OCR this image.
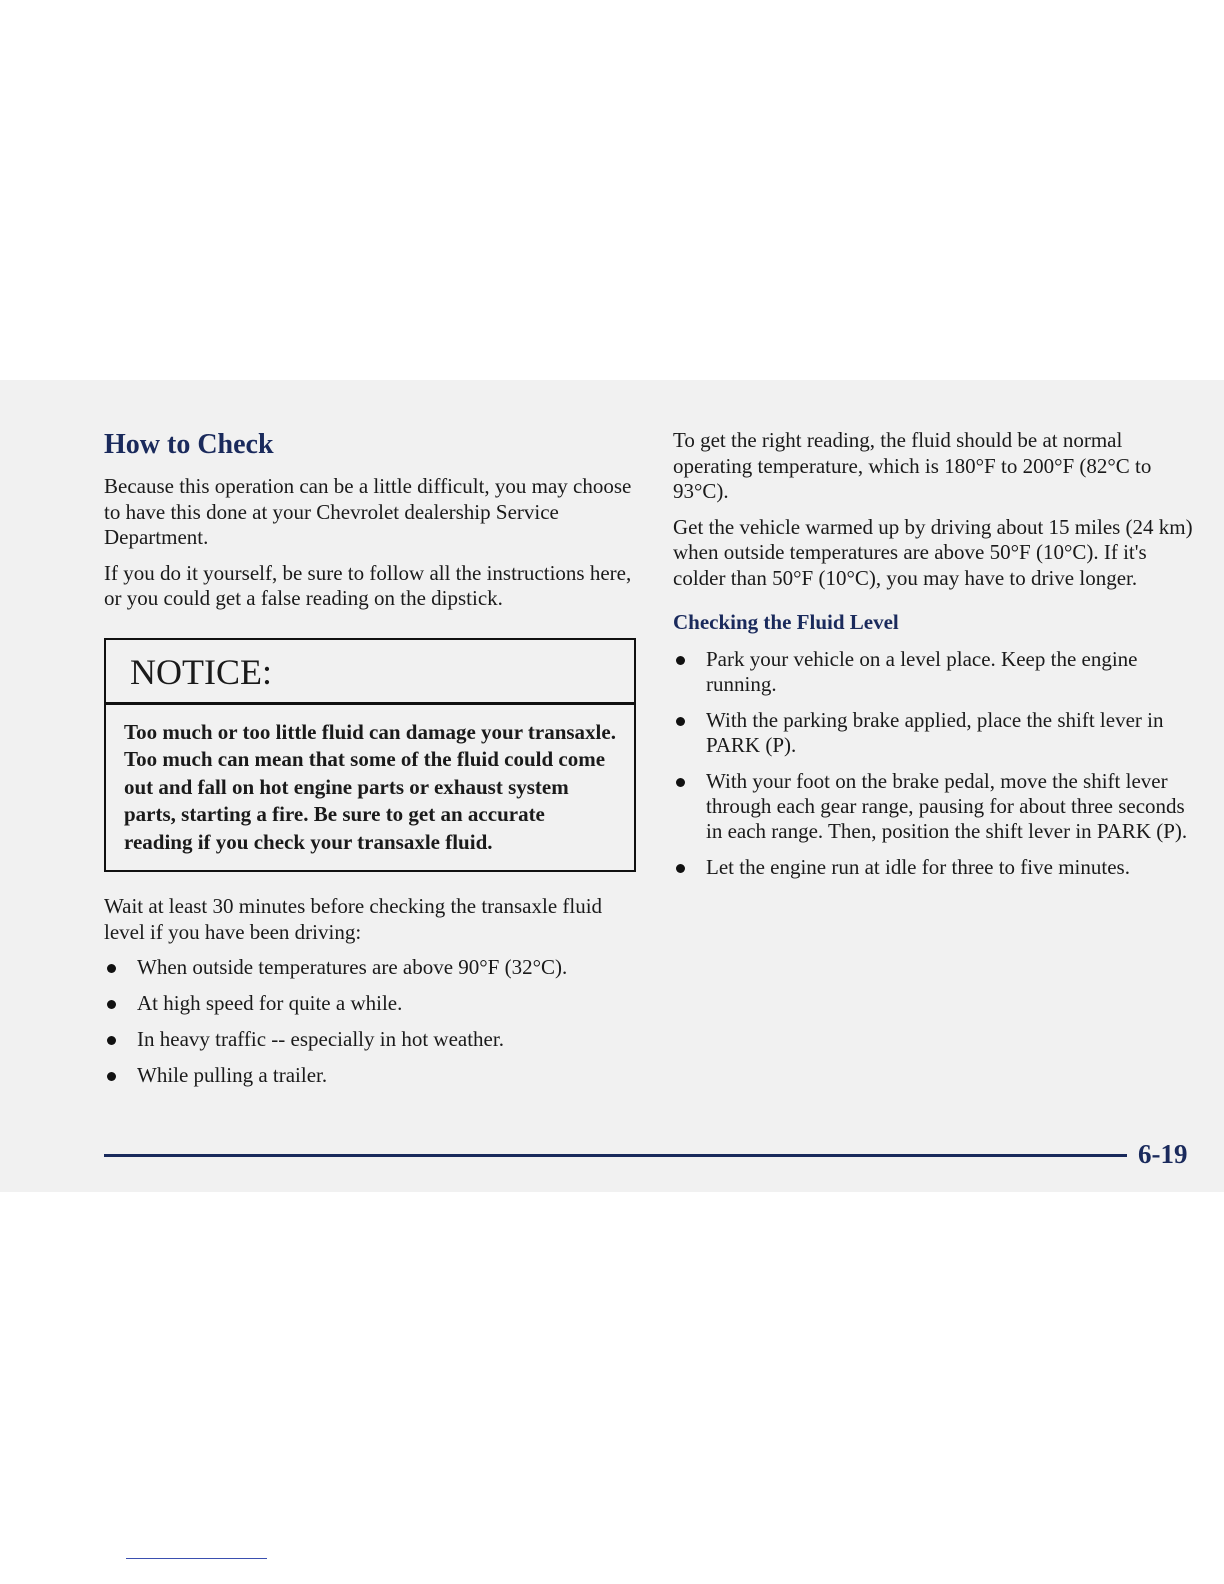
How to Check

Because this operation can be a little difficult, you may choose to have this done at your Chevrolet dealership Service Department.

If you do it yourself, be sure to follow all the instructions here, or you could get a false reading on the dipstick.

NOTICE:
Too much or too little fluid can damage your transaxle. Too much can mean that some of the fluid could come out and fall on hot engine parts or exhaust system parts, starting a fire. Be sure to get an accurate reading if you check your transaxle fluid.

Wait at least 30 minutes before checking the transaxle fluid level if you have been driving:

When outside temperatures are above 90°F (32°C).
At high speed for quite a while.
In heavy traffic -- especially in hot weather.
While pulling a trailer.

To get the right reading, the fluid should be at normal operating temperature, which is 180°F to 200°F (82°C to 93°C).

Get the vehicle warmed up by driving about 15 miles (24 km) when outside temperatures are above 50°F (10°C). If it's colder than 50°F (10°C), you may have to drive longer.

Checking the Fluid Level
Park your vehicle on a level place. Keep the engine running.
With the parking brake applied, place the shift lever in PARK (P).
With your foot on the brake pedal, move the shift lever through each gear range, pausing for about three seconds in each range. Then, position the shift lever in PARK (P).
Let the engine run at idle for three to five minutes.
6-19
